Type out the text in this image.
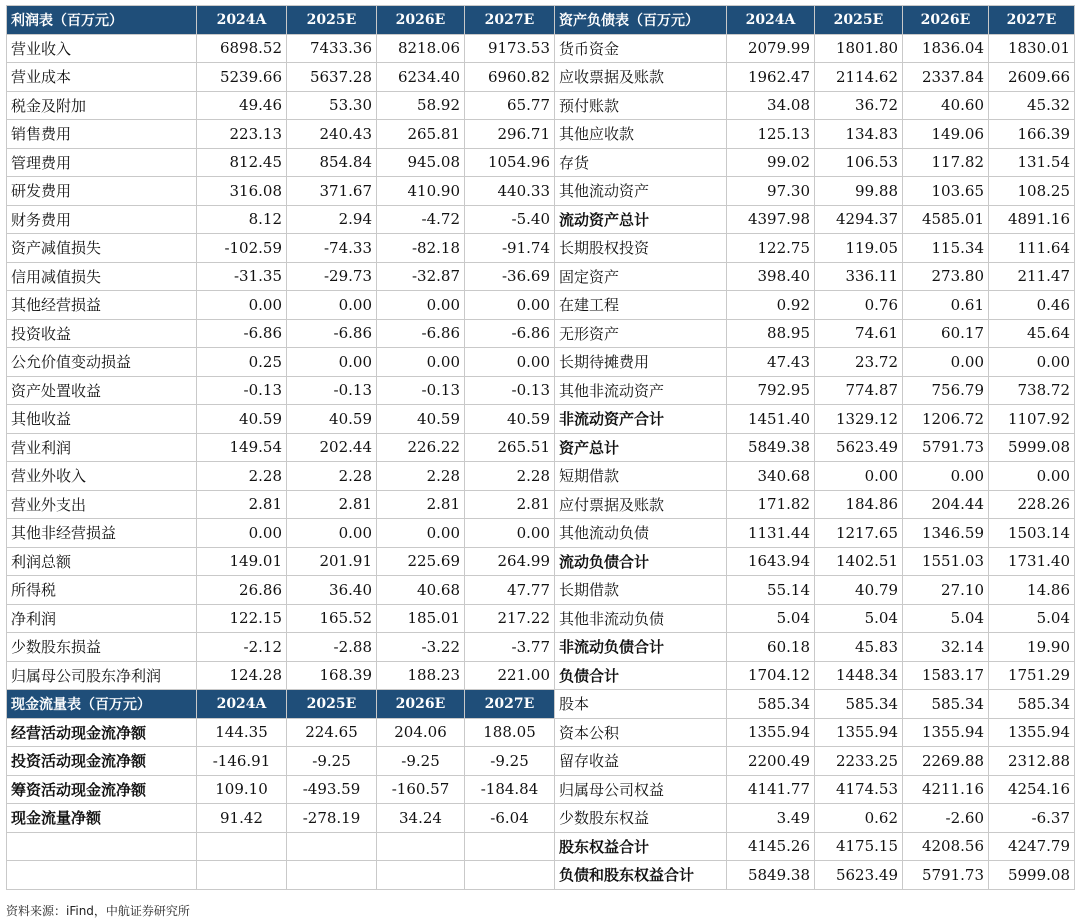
利润表（百万元）	2024A	2025E	2026E	2027E
营业收入	6898.52	7433.36	8218.06	9173.53
营业成本	5239.66	5637.28	6234.40	6960.82
税金及附加	49.46	53.30	58.92	65.77
销售费用	223.13	240.43	265.81	296.71
管理费用	812.45	854.84	945.08	1054.96
研发费用	316.08	371.67	410.90	440.33
财务费用	8.12	2.94	-4.72	-5.40
资产减值损失	-102.59	-74.33	-82.18	-91.74
信用减值损失	-31.35	-29.73	-32.87	-36.69
其他经营损益	0.00	0.00	0.00	0.00
投资收益	-6.86	-6.86	-6.86	-6.86
公允价值变动损益	0.25	0.00	0.00	0.00
资产处置收益	-0.13	-0.13	-0.13	-0.13
其他收益	40.59	40.59	40.59	40.59
营业利润	149.54	202.44	226.22	265.51
营业外收入	2.28	2.28	2.28	2.28
营业外支出	2.81	2.81	2.81	2.81
其他非经营损益	0.00	0.00	0.00	0.00
利润总额	149.01	201.91	225.69	264.99
所得税	26.86	36.40	40.68	47.77
净利润	122.15	165.52	185.01	217.22
少数股东损益	-2.12	-2.88	-3.22	-3.77
归属母公司股东净利润	124.28	168.39	188.23	221.00
现金流量表（百万元）	2024A	2025E	2026E	2027E
经营活动现金流净额	144.35	224.65	204.06	188.05
投资活动现金流净额	-146.91	-9.25	-9.25	-9.25
筹资活动现金流净额	109.10	-493.59	-160.57	-184.84
现金流量净额	91.42	-278.19	34.24	-6.04

资产负债表（百万元）	2024A	2025E	2026E	2027E
货币资金	2079.99	1801.80	1836.04	1830.01
应收票据及账款	1962.47	2114.62	2337.84	2609.66
预付账款	34.08	36.72	40.60	45.32
其他应收款	125.13	134.83	149.06	166.39
存货	99.02	106.53	117.82	131.54
其他流动资产	97.30	99.88	103.65	108.25
流动资产总计	4397.98	4294.37	4585.01	4891.16
长期股权投资	122.75	119.05	115.34	111.64
固定资产	398.40	336.11	273.80	211.47
在建工程	0.92	0.76	0.61	0.46
无形资产	88.95	74.61	60.17	45.64
长期待摊费用	47.43	23.72	0.00	0.00
其他非流动资产	792.95	774.87	756.79	738.72
非流动资产合计	1451.40	1329.12	1206.72	1107.92
资产总计	5849.38	5623.49	5791.73	5999.08
短期借款	340.68	0.00	0.00	0.00
应付票据及账款	171.82	184.86	204.44	228.26
其他流动负债	1131.44	1217.65	1346.59	1503.14
流动负债合计	1643.94	1402.51	1551.03	1731.40
长期借款	55.14	40.79	27.10	14.86
其他非流动负债	5.04	5.04	5.04	5.04
非流动负债合计	60.18	45.83	32.14	19.90
负债合计	1704.12	1448.34	1583.17	1751.29
股本	585.34	585.34	585.34	585.34
资本公积	1355.94	1355.94	1355.94	1355.94
留存收益	2200.49	2233.25	2269.88	2312.88
归属母公司权益	4141.77	4174.53	4211.16	4254.16
少数股东权益	3.49	0.62	-2.60	-6.37
股东权益合计	4145.26	4175.15	4208.56	4247.79
负债和股东权益合计	5849.38	5623.49	5791.73	5999.08
资料来源：iFind，中航证券研究所
